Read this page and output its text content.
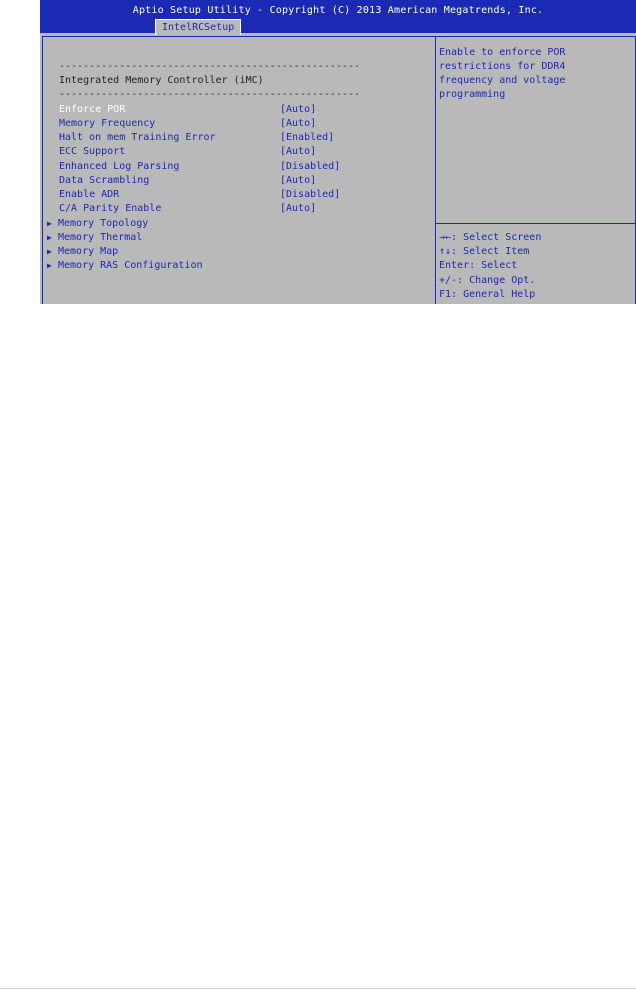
Aptio Setup Utility - Copyright (C) 2013 American Megatrends, Inc.
IntelRCSetup
--------------------------------------------------
Integrated Memory Controller (iMC)
--------------------------------------------------
Enforce POR	[Auto]
Memory Frequency	[Auto]
Halt on mem Training Error	[Enabled]
ECC Support	[Auto]
Enhanced Log Parsing	[Disabled]
Data Scrambling	[Auto]
Enable ADR	[Disabled]
C/A Parity Enable	[Auto]
▶ Memory Topology
▶ Memory Thermal
▶ Memory Map
▶ Memory RAS Configuration
Enable to enforce POR
restrictions for DDR4
frequency and voltage
programming
→←: Select Screen
↑↓: Select Item
Enter: Select
+/-: Change Opt.
F1: General Help
